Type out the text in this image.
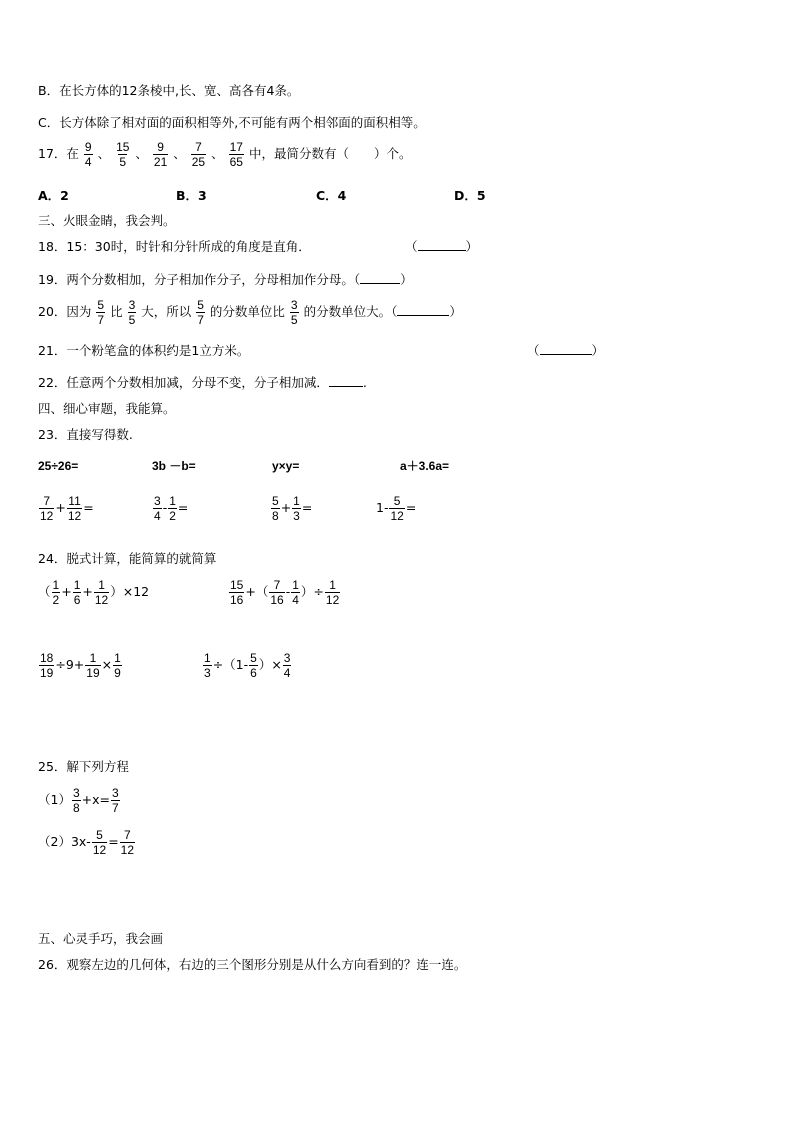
B．在长方体的12条棱中,长、宽、高各有4条。
C．长方体除了相对面的面积相等外,不可能有两个相邻面的面积相等。
17．在 $\frac{9}{4}$ 、 $\frac{15}{5}$ 、 $\frac{9}{21}$ 、 $\frac{7}{25}$ 、 $\frac{17}{65}$ 中，最简分数有（　　）个。
A．2	B．3	C．4	D．5
三、火眼金睛，我会判。
18．15：30时，时针和分针所成的角度是直角．	（	）
19．两个分数相加，分子相加作分子，分母相加作分母。（	）
20．因为 $\frac{5}{7}$ 比 $\frac{3}{5}$ 大，所以 $\frac{5}{7}$ 的分数单位比 $\frac{3}{5}$ 的分数单位大。（	）
21．一个粉笔盒的体积约是1立方米。	（	）
22．任意两个分数相加减，分母不变，分子相加减．	.
四、细心审题，我能算。
23．直接写得数.
25÷26=	3b －b=	y×y=	a＋3.6a=
$\frac{7}{12} + \frac{11}{12}$ =	$\frac{3}{4} - \frac{1}{2}$ =	$\frac{5}{8} + \frac{1}{3}$ =	$1- \frac{5}{12}$ =
24．脱式计算，能简算的就简算
（ $\frac{1}{2} + \frac{1}{6} + \frac{1}{12} )\times 12$	$\frac{15}{16}$ +（ $\frac{7}{16} - \frac{1}{4}$ ）÷ $\frac{1}{12}$
$\frac{18}{19} \div 9+ \frac{1}{19} \times \frac{1}{9}$	$\frac{1}{3} \div(1- \frac{5}{6}$ ）× $\frac{3}{4}$
25．解下列方程
$(1) \frac{3}{8} +x= \frac{3}{7}$
$(2)3x- \frac{5}{12} = \frac{7}{12}$
五、心灵手巧，我会画
26．观察左边的几何体，右边的三个图形分别是从什么方向看到的？连一连。
